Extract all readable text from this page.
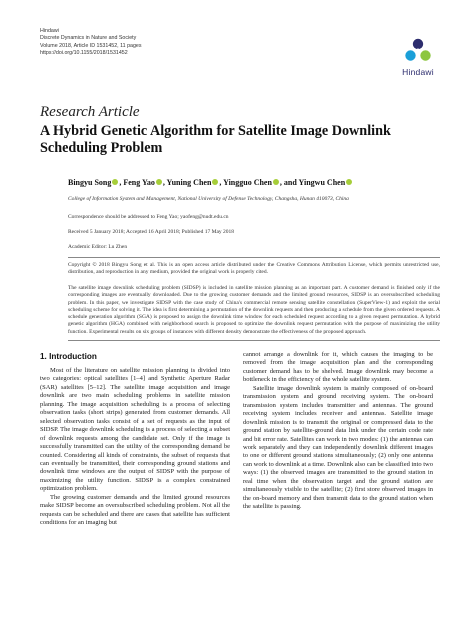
Hindawi
Discrete Dynamics in Nature and Society
Volume 2018, Article ID 1531452, 11 pages
https://doi.org/10.1155/2018/1531452
Hindawi
Research Article
A Hybrid Genetic Algorithm for Satellite Image Downlink Scheduling Problem
Bingyu Song , Feng Yao , Yuning Chen , Yingguo Chen , and Yingwu Chen
College of Information System and Management, National University of Defense Technology, Changsha, Hunan 410073, China
Correspondence should be addressed to Feng Yao; yaofeng@nudt.edu.cn
Received 5 January 2018; Accepted 16 April 2018; Published 17 May 2018
Academic Editor: Lu Zhen
Copyright © 2018 Bingyu Song et al. This is an open access article distributed under the Creative Commons Attribution License, which permits unrestricted use, distribution, and reproduction in any medium, provided the original work is properly cited.
The satellite image downlink scheduling problem (SIDSP) is included in satellite mission planning as an important part. A customer demand is finished only if the corresponding images are eventually downloaded. Due to the growing customer demands and the limited ground resources, SIDSP is an oversubscribed scheduling problem. In this paper, we investigate SIDSP with the case study of China's commercial remote sensing satellite constellation (SuperView-1) and exploit the serial scheduling scheme for solving it. The idea is first determining a permutation of the downlink requests and then producing a schedule from the given ordered requests. A schedule generation algorithm (SGA) is proposed to assign the downlink time window for each scheduled request according to a given request permutation. A hybrid genetic algorithm (HGA) combined with neighborhood search is proposed to optimize the downlink request permutation with the purpose of maximizing the utility function. Experimental results on six groups of instances with different density demonstrate the effectiveness of the proposed approach.
1. Introduction

Most of the literature on satellite mission planning is divided into two categories: optical satellites [1–4] and Synthetic Aperture Radar (SAR) satellites [5–12]. The satellite image acquisition and image downlink are two main scheduling problems in satellite mission planning. The image acquisition scheduling is a process of selecting observation tasks (short strips) generated from customer demands. All selected observation tasks consist of a set of requests as the input of SIDSP. The image downlink scheduling is a process of selecting a subset of downlink requests among the candidate set. Only if the image is successfully transmitted can the utility of the corresponding demand be counted. Considering all kinds of constraints, the subset of requests that can eventually be transmitted, their corresponding ground stations and downlink time windows are the output of SIDSP with the purpose of maximizing the utility function. SIDSP is a complex constrained optimization problem.

The growing customer demands and the limited ground resources make SIDSP become an oversubscribed scheduling problem. Not all the requests can be scheduled and there are cases that satellite has sufficient conditions for an imaging but

cannot arrange a downlink for it, which causes the imaging to be removed from the image acquisition plan and the corresponding customer demand has to be shelved. Image downlink may become a bottleneck in the efficiency of the whole satellite system.

Satellite image downlink system is mainly composed of on-board transmission system and ground receiving system. The on-board transmission system includes transmitter and antennas. The ground receiving system includes receiver and antennas. Satellite image downlink mission is to transmit the original or compressed data to the ground station by satellite-ground data link under the certain code rate and bit error rate. Satellites can work in two modes: (1) the antennas can work separately and they can independently downlink different images to one or different ground stations simultaneously; (2) only one antenna can work to downlink at a time. Downlink also can be classified into two ways: (1) the observed images are transmitted to the ground station in real time when the observation target and the ground station are simultaneously visible to the satellite; (2) first store observed images in the on-board memory and then transmit data to the ground station when the satellite is passing.
